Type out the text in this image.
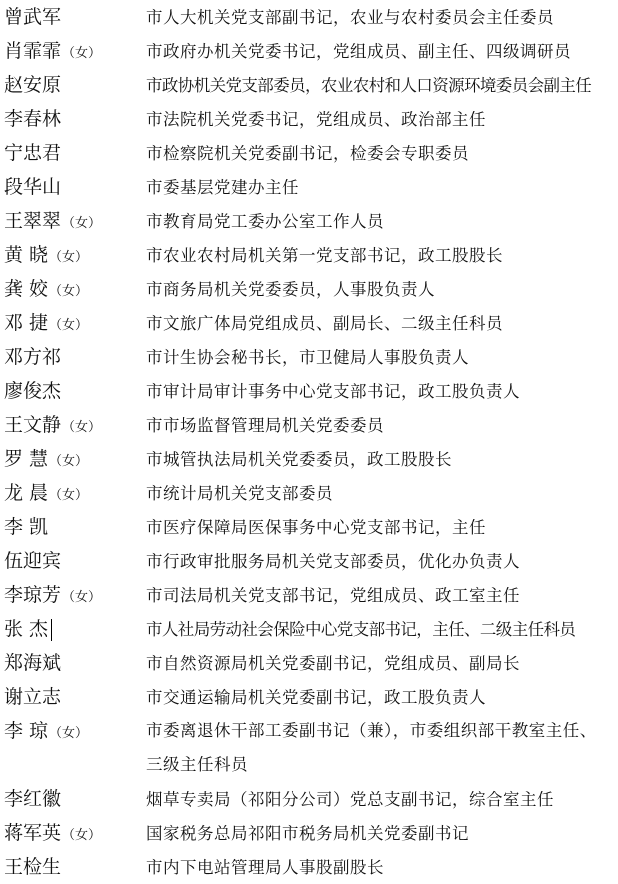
曾武军	市人大机关党支部副书记，农业与农村委员会主任委员
肖霏霏（女）	市政府办机关党委书记，党组成员、副主任、四级调研员
赵安原	市政协机关党支部委员，农业农村和人口资源环境委员会副主任
李春林	市法院机关党委书记，党组成员、政治部主任
宁忠君	市检察院机关党委副书记，检委会专职委员
段华山	市委基层党建办主任
王翠翠（女）	市教育局党工委办公室工作人员
黄 晓（女）	市农业农村局机关第一党支部书记，政工股股长
龚 姣（女）	市商务局机关党委委员，人事股负责人
邓 捷（女）	市文旅广体局党组成员、副局长、二级主任科员
邓方祁	市计生协会秘书长，市卫健局人事股负责人
廖俊杰	市审计局审计事务中心党支部书记，政工股负责人
王文静（女）	市市场监督管理局机关党委委员
罗 慧（女）	市城管执法局机关党委委员，政工股股长
龙 晨（女）	市统计局机关党支部委员
李 凯	市医疗保障局医保事务中心党支部书记，主任
伍迎宾	市行政审批服务局机关党支部委员，优化办负责人
李琼芳（女）	市司法局机关党支部书记，党组成员、政工室主任
张 杰	市人社局劳动社会保险中心党支部书记，主任、二级主任科员
郑海斌	市自然资源局机关党委副书记，党组成员、副局长
谢立志	市交通运输局机关党委副书记，政工股负责人
李 琼（女）	市委离退休干部工委副书记（兼），市委组织部干教室主任、三级主任科员
李红徽	烟草专卖局（祁阳分公司）党总支副书记，综合室主任
蒋军英（女）	国家税务总局祁阳市税务局机关党委副书记
王检生	市内下电站管理局人事股副股长
